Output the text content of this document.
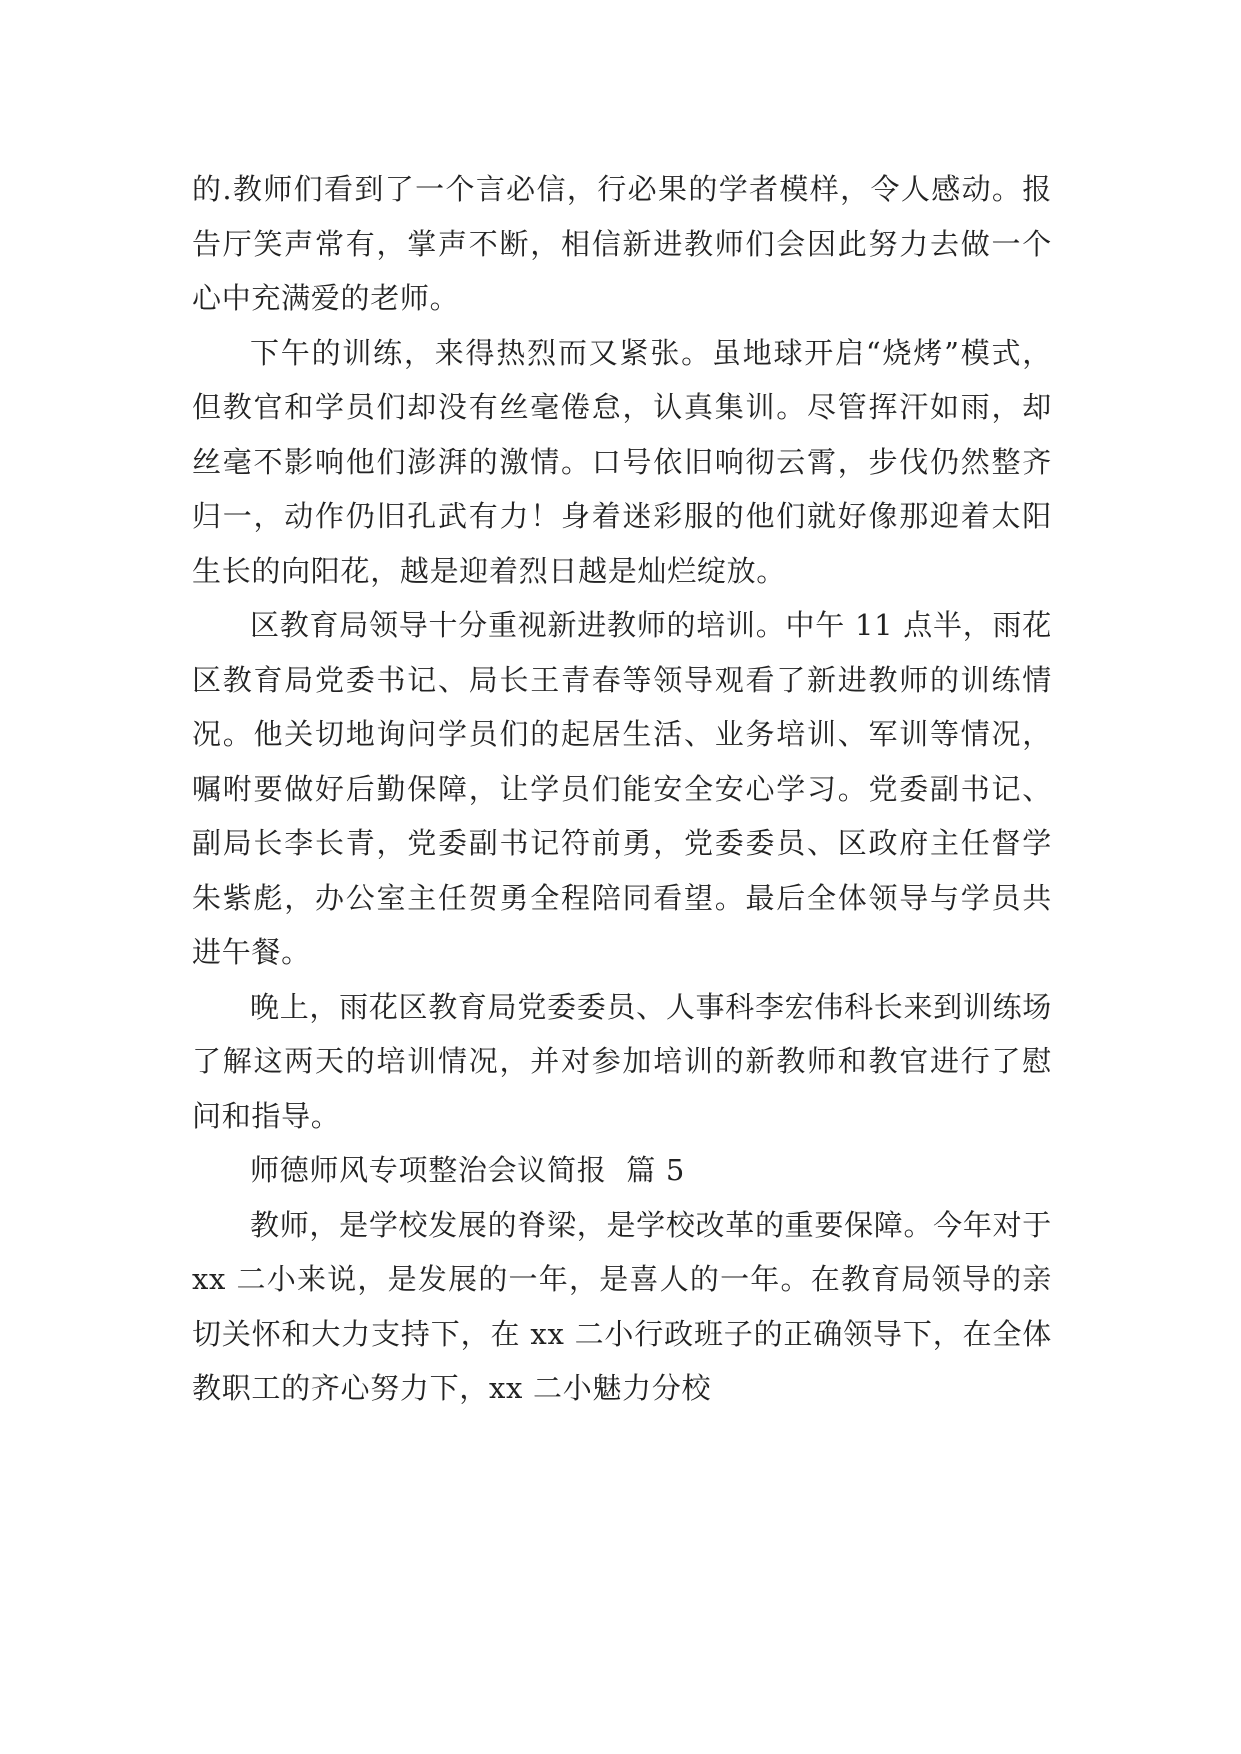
的.教师们看到了一个言必信，行必果的学者模样，令人感动。报告厅笑声常有，掌声不断，相信新进教师们会因此努力去做一个心中充满爱的老师。

下午的训练，来得热烈而又紧张。虽地球开启“烧烤”模式，但教官和学员们却没有丝毫倦怠，认真集训。尽管挥汗如雨，却丝毫不影响他们澎湃的激情。口号依旧响彻云霄，步伐仍然整齐归一，动作仍旧孔武有力！身着迷彩服的他们就好像那迎着太阳生长的向阳花，越是迎着烈日越是灿烂绽放。

区教育局领导十分重视新进教师的培训。中午 11 点半，雨花区教育局党委书记、局长王青春等领导观看了新进教师的训练情况。他关切地询问学员们的起居生活、业务培训、军训等情况，嘱咐要做好后勤保障，让学员们能安全安心学习。党委副书记、副局长李长青，党委副书记符前勇，党委委员、区政府主任督学朱紫彪，办公室主任贺勇全程陪同看望。最后全体领导与学员共进午餐。

晚上，雨花区教育局党委委员、人事科李宏伟科长来到训练场了解这两天的培训情况，并对参加培训的新教师和教官进行了慰问和指导。

师德师风专项整治会议简报  篇 5

教师，是学校发展的脊梁，是学校改革的重要保障。今年对于 xx 二小来说，是发展的一年，是喜人的一年。在教育局领导的亲切关怀和大力支持下，在 xx 二小行政班子的正确领导下，在全体教职工的齐心努力下，xx 二小魅力分校
